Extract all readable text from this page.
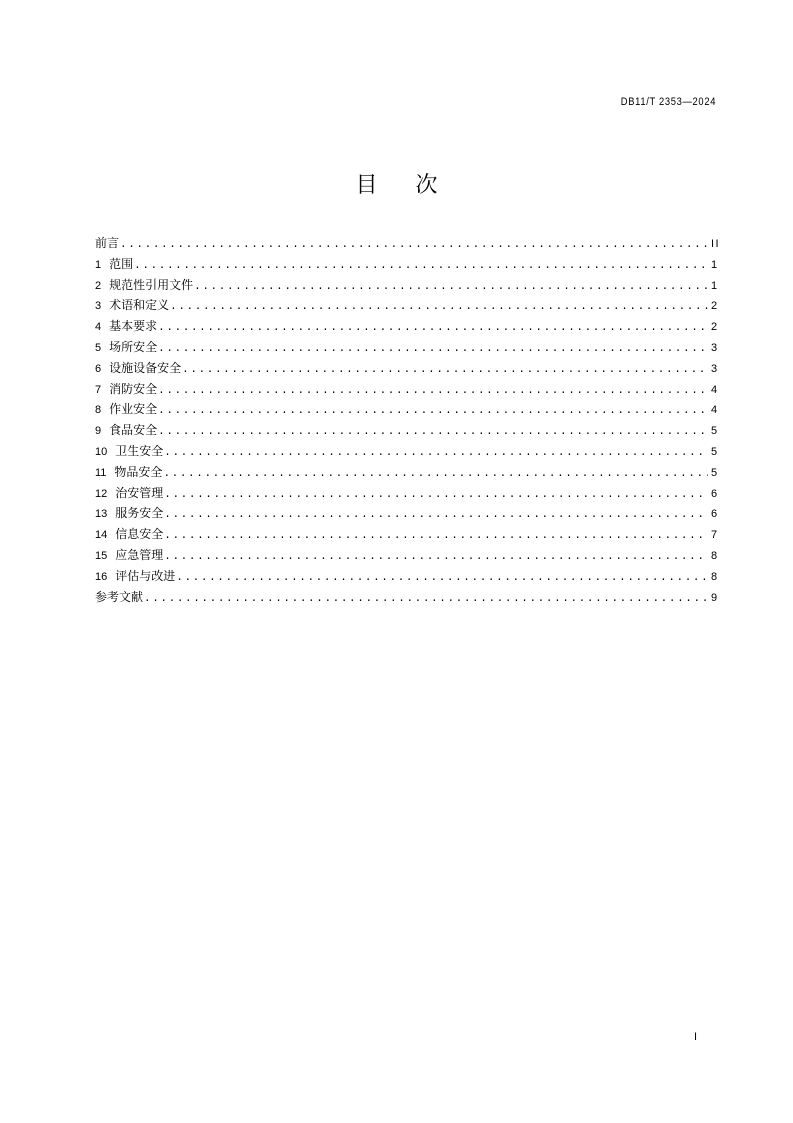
DB11/T 2353—2024
目次
前言 .....	II
1 范围 .....	1
2 规范性引用文件 .....	1
3 术语和定义 .....	2
4 基本要求 .....	2
5 场所安全 .....	3
6 设施设备安全 .....	3
7 消防安全 .....	4
8 作业安全 .....	4
9 食品安全 .....	5
10 卫生安全 .....	5
11 物品安全 .....	5
12 治安管理 .....	6
13 服务安全 .....	6
14 信息安全 .....	7
15 应急管理 .....	8
16 评估与改进 .....	8
参考文献 .....	9
I
